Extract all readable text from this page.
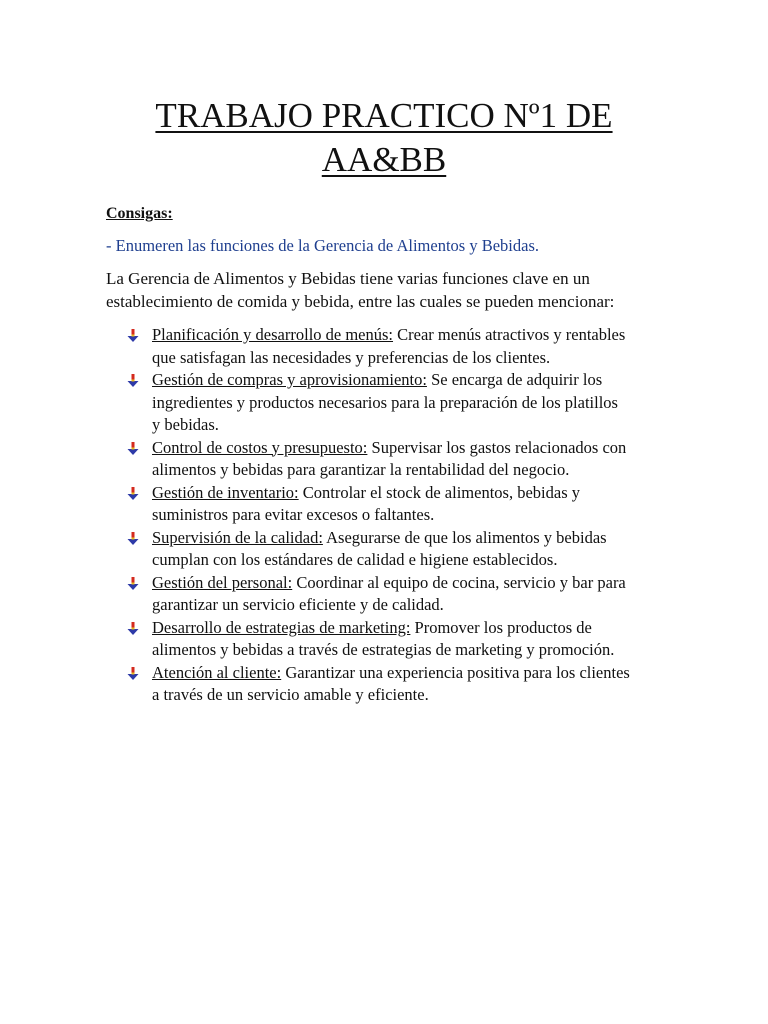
TRABAJO PRACTICO Nº1 DE
AA&BB
Consigas:
- Enumeren las funciones de la Gerencia de Alimentos y Bebidas.
La Gerencia de Alimentos y Bebidas tiene varias funciones clave en un
establecimiento de comida y bebida, entre las cuales se pueden mencionar:
Planificación y desarrollo de menús: Crear menús atractivos y rentables
que satisfagan las necesidades y preferencias de los clientes.
Gestión de compras y aprovisionamiento: Se encarga de adquirir los
ingredientes y productos necesarios para la preparación de los platillos
y bebidas.
Control de costos y presupuesto: Supervisar los gastos relacionados con
alimentos y bebidas para garantizar la rentabilidad del negocio.
Gestión de inventario: Controlar el stock de alimentos, bebidas y
suministros para evitar excesos o faltantes.
Supervisión de la calidad: Asegurarse de que los alimentos y bebidas
cumplan con los estándares de calidad e higiene establecidos.
Gestión del personal: Coordinar al equipo de cocina, servicio y bar para
garantizar un servicio eficiente y de calidad.
Desarrollo de estrategias de marketing: Promover los productos de
alimentos y bebidas a través de estrategias de marketing y promoción.
Atención al cliente: Garantizar una experiencia positiva para los clientes
a través de un servicio amable y eficiente.
